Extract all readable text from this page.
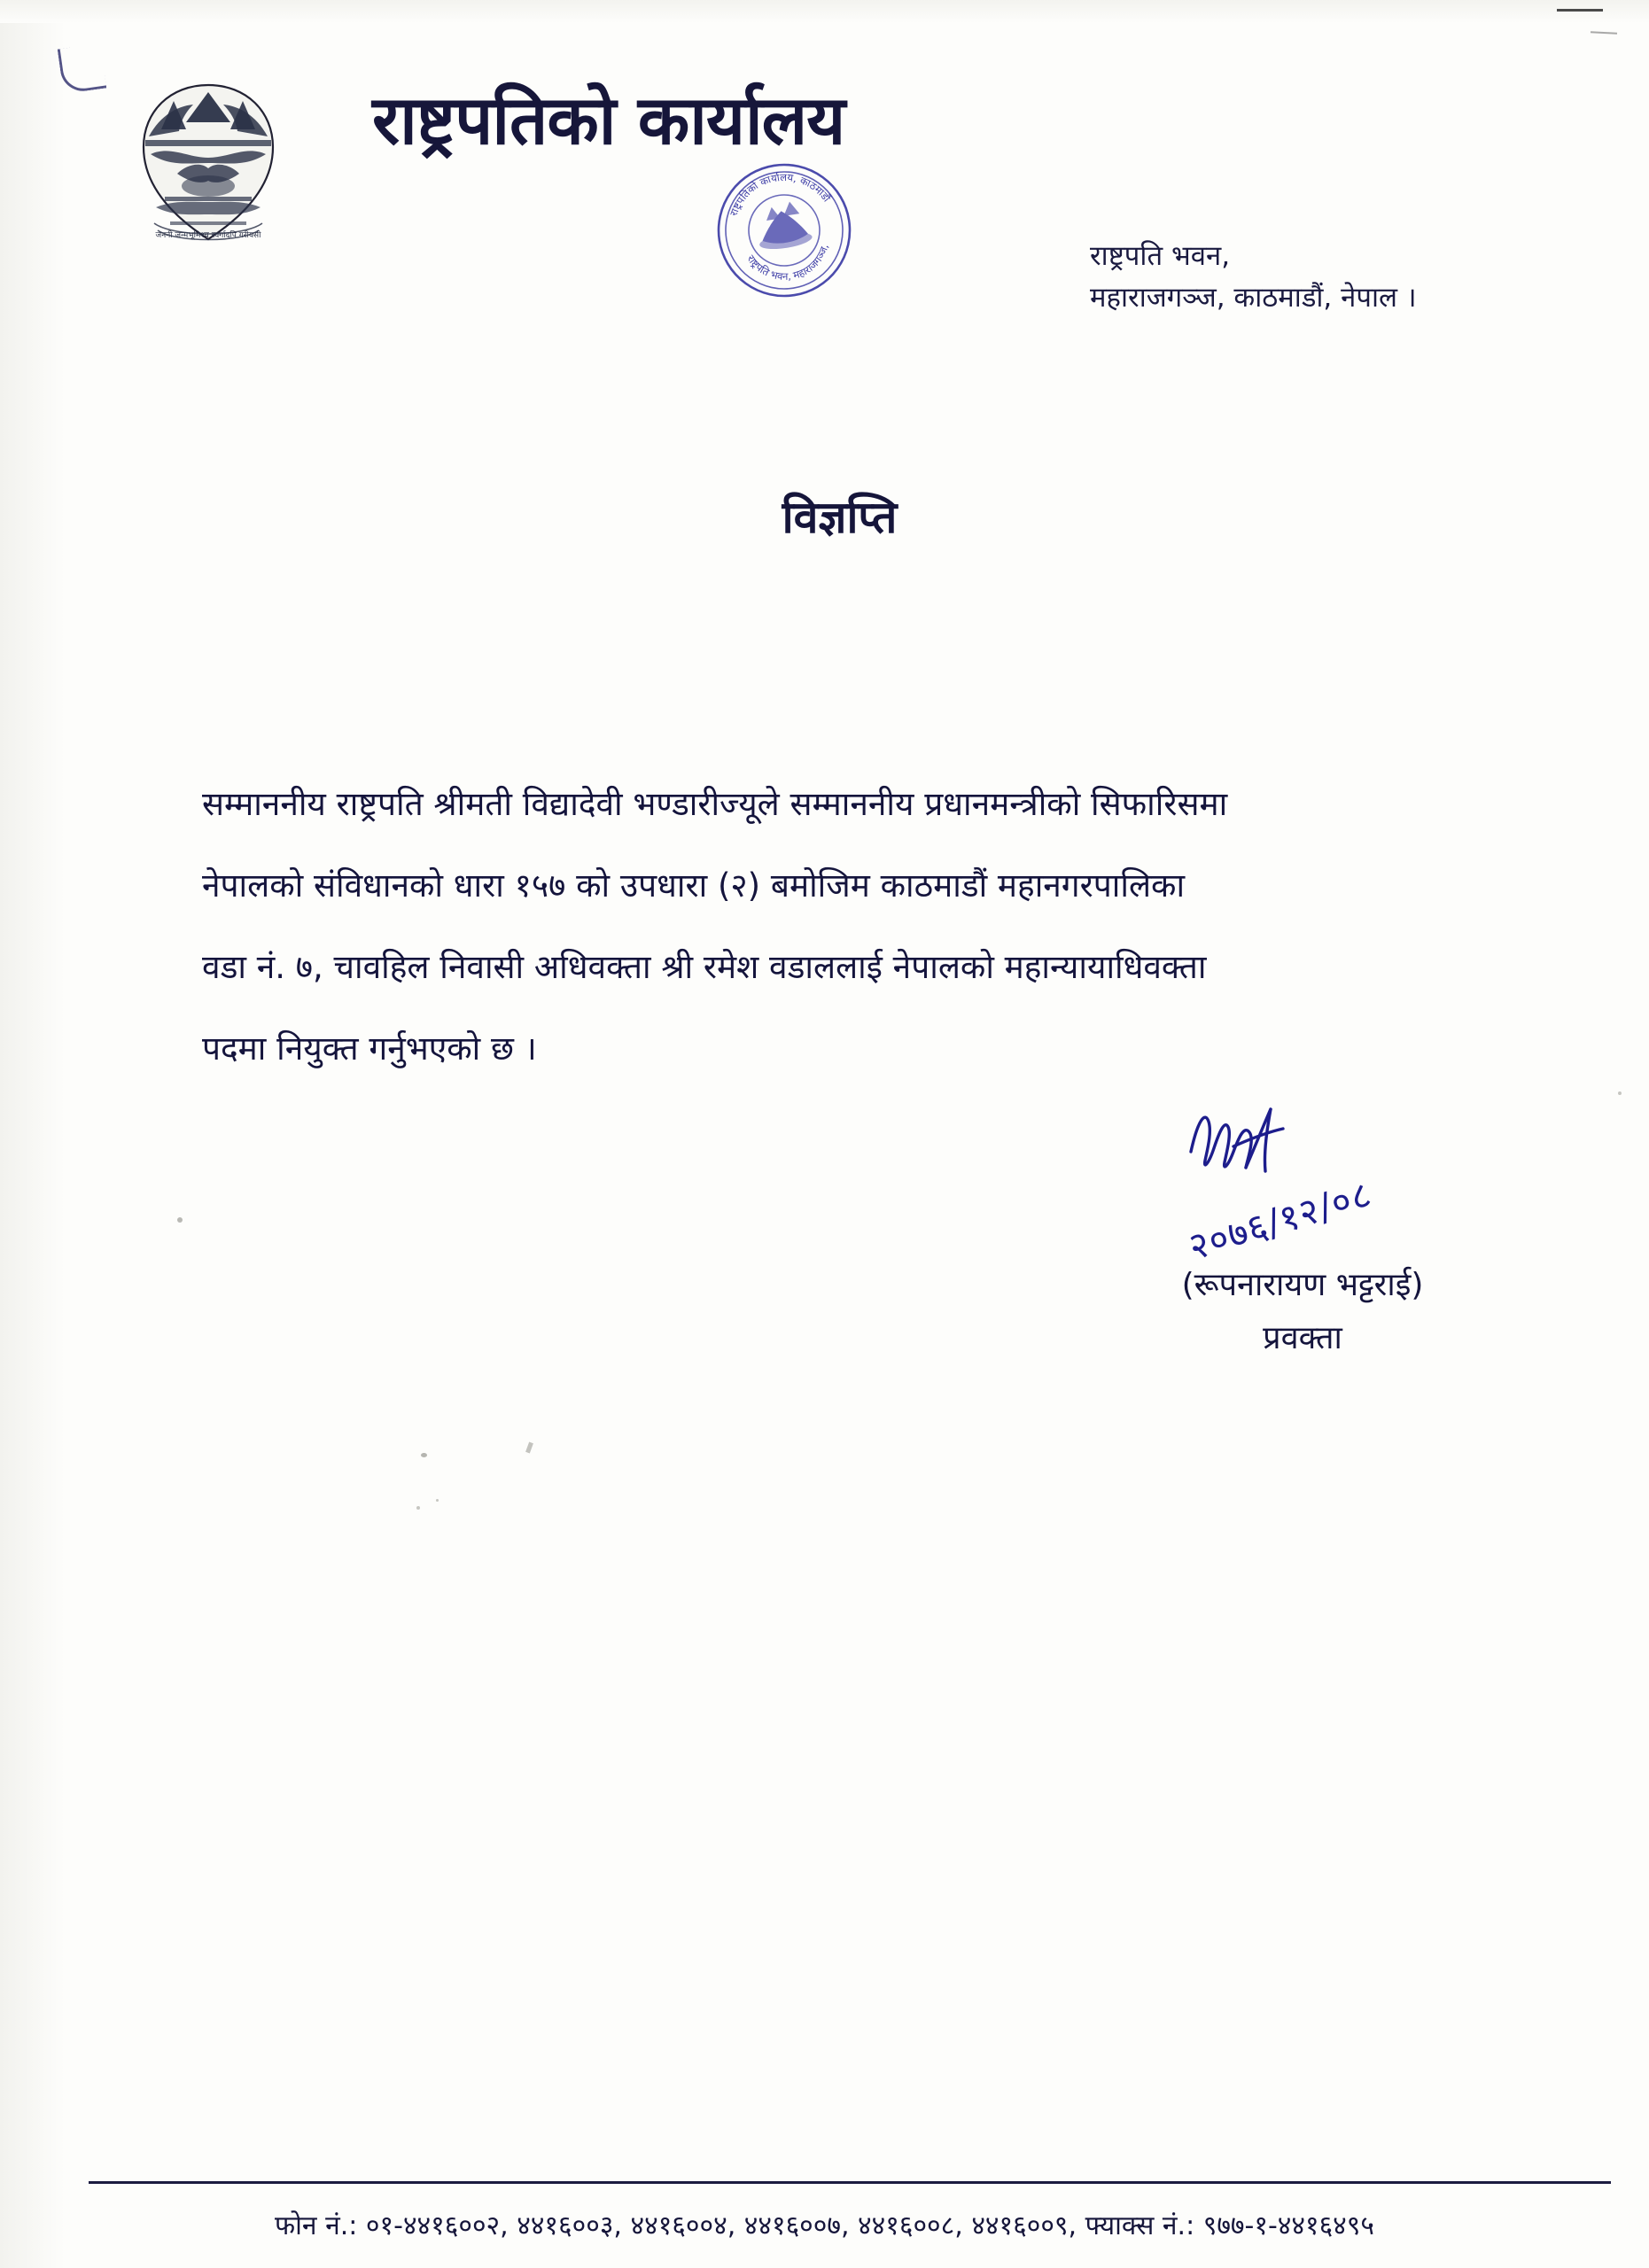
जननी जन्मभूमिश्च स्वर्गादपि गरीयसी
राष्ट्रपतिको कार्यालय
राष्ट्रपतिको कार्यालय, काठमाडौं
राष्ट्रपति भवन, महाराजगञ्ज,	राष्ट्रपति भवन,
महाराजगञ्ज, काठमाडौं, नेपाल ।
विज्ञप्ति

सम्माननीय राष्ट्रपति श्रीमती विद्यादेवी भण्डारीज्यूले सम्माननीय प्रधानमन्त्रीको सिफारिसमा
नेपालको संविधानको धारा १५७ को उपधारा (२) बमोजिम काठमाडौं महानगरपालिका
वडा नं. ७, चावहिल निवासी अधिवक्ता श्री रमेश वडाललाई नेपालको महान्यायाधिवक्ता
पदमा नियुक्त गर्नुभएको छ ।

२०७६/१२/०८
(रूपनारायण भट्टराई)
प्रवक्ता
फोन नं.: ०१-४४१६००२, ४४१६००३, ४४१६००४, ४४१६००७, ४४१६००८, ४४१६००९, फ्याक्स नं.: ९७७-१-४४१६४९५
